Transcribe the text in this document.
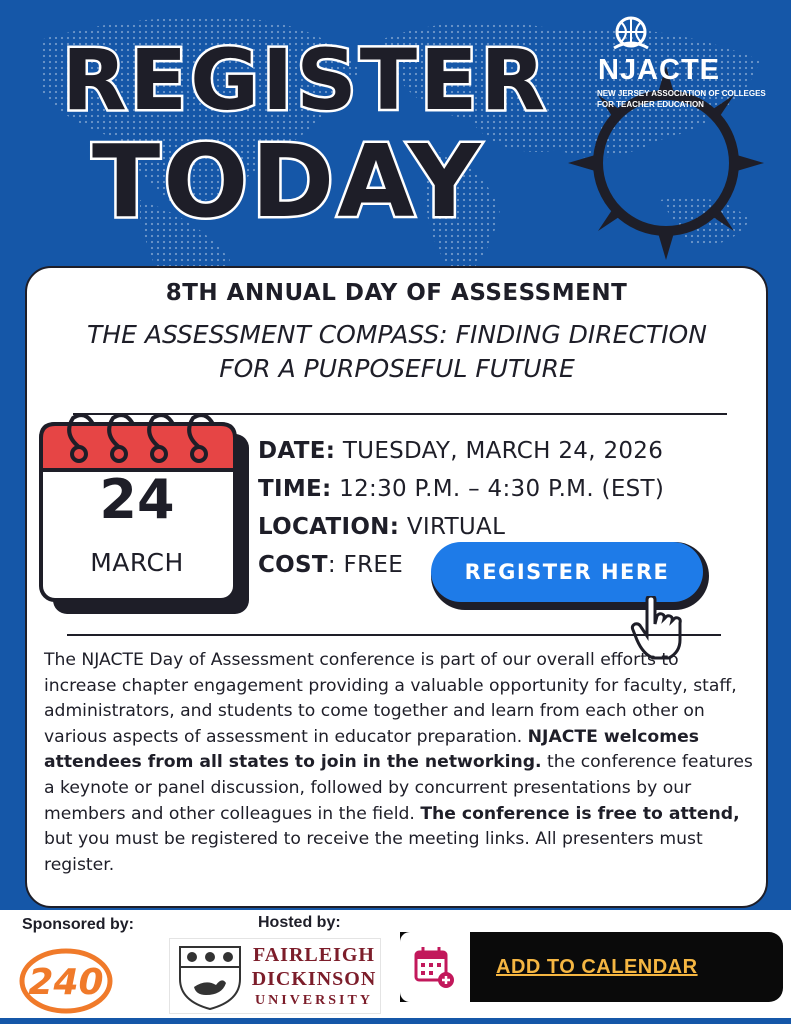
REGISTER
TODAY
NJACTE
NEW JERSEY ASSOCIATION OF COLLEGES FOR TEACHER EDUCATION
8TH ANNUAL DAY OF ASSESSMENT
THE ASSESSMENT COMPASS: FINDING DIRECTION FOR A PURPOSEFUL FUTURE
24
MARCH
DATE: TUESDAY, MARCH 24, 2026
TIME: 12:30 P.M. – 4:30 P.M. (EST)
LOCATION: VIRTUAL
COST: FREE	REGISTER HERE
The NJACTE Day of Assessment conference is part of our overall efforts to increase chapter engagement providing a valuable opportunity for faculty, staff, administrators, and students to come together and learn from each other on various aspects of assessment in educator preparation. NJACTE welcomes attendees from all states to join in the networking. the conference features a keynote or panel discussion, followed by concurrent presentations by our members and other colleagues in the field. The conference is free to attend, but you must be registered to receive the meeting links. All presenters must register.
Sponsored by:	Hosted by:
240
FAIRLEIGH
DICKINSON
UNIVERSITY
ADD TO CALENDAR
